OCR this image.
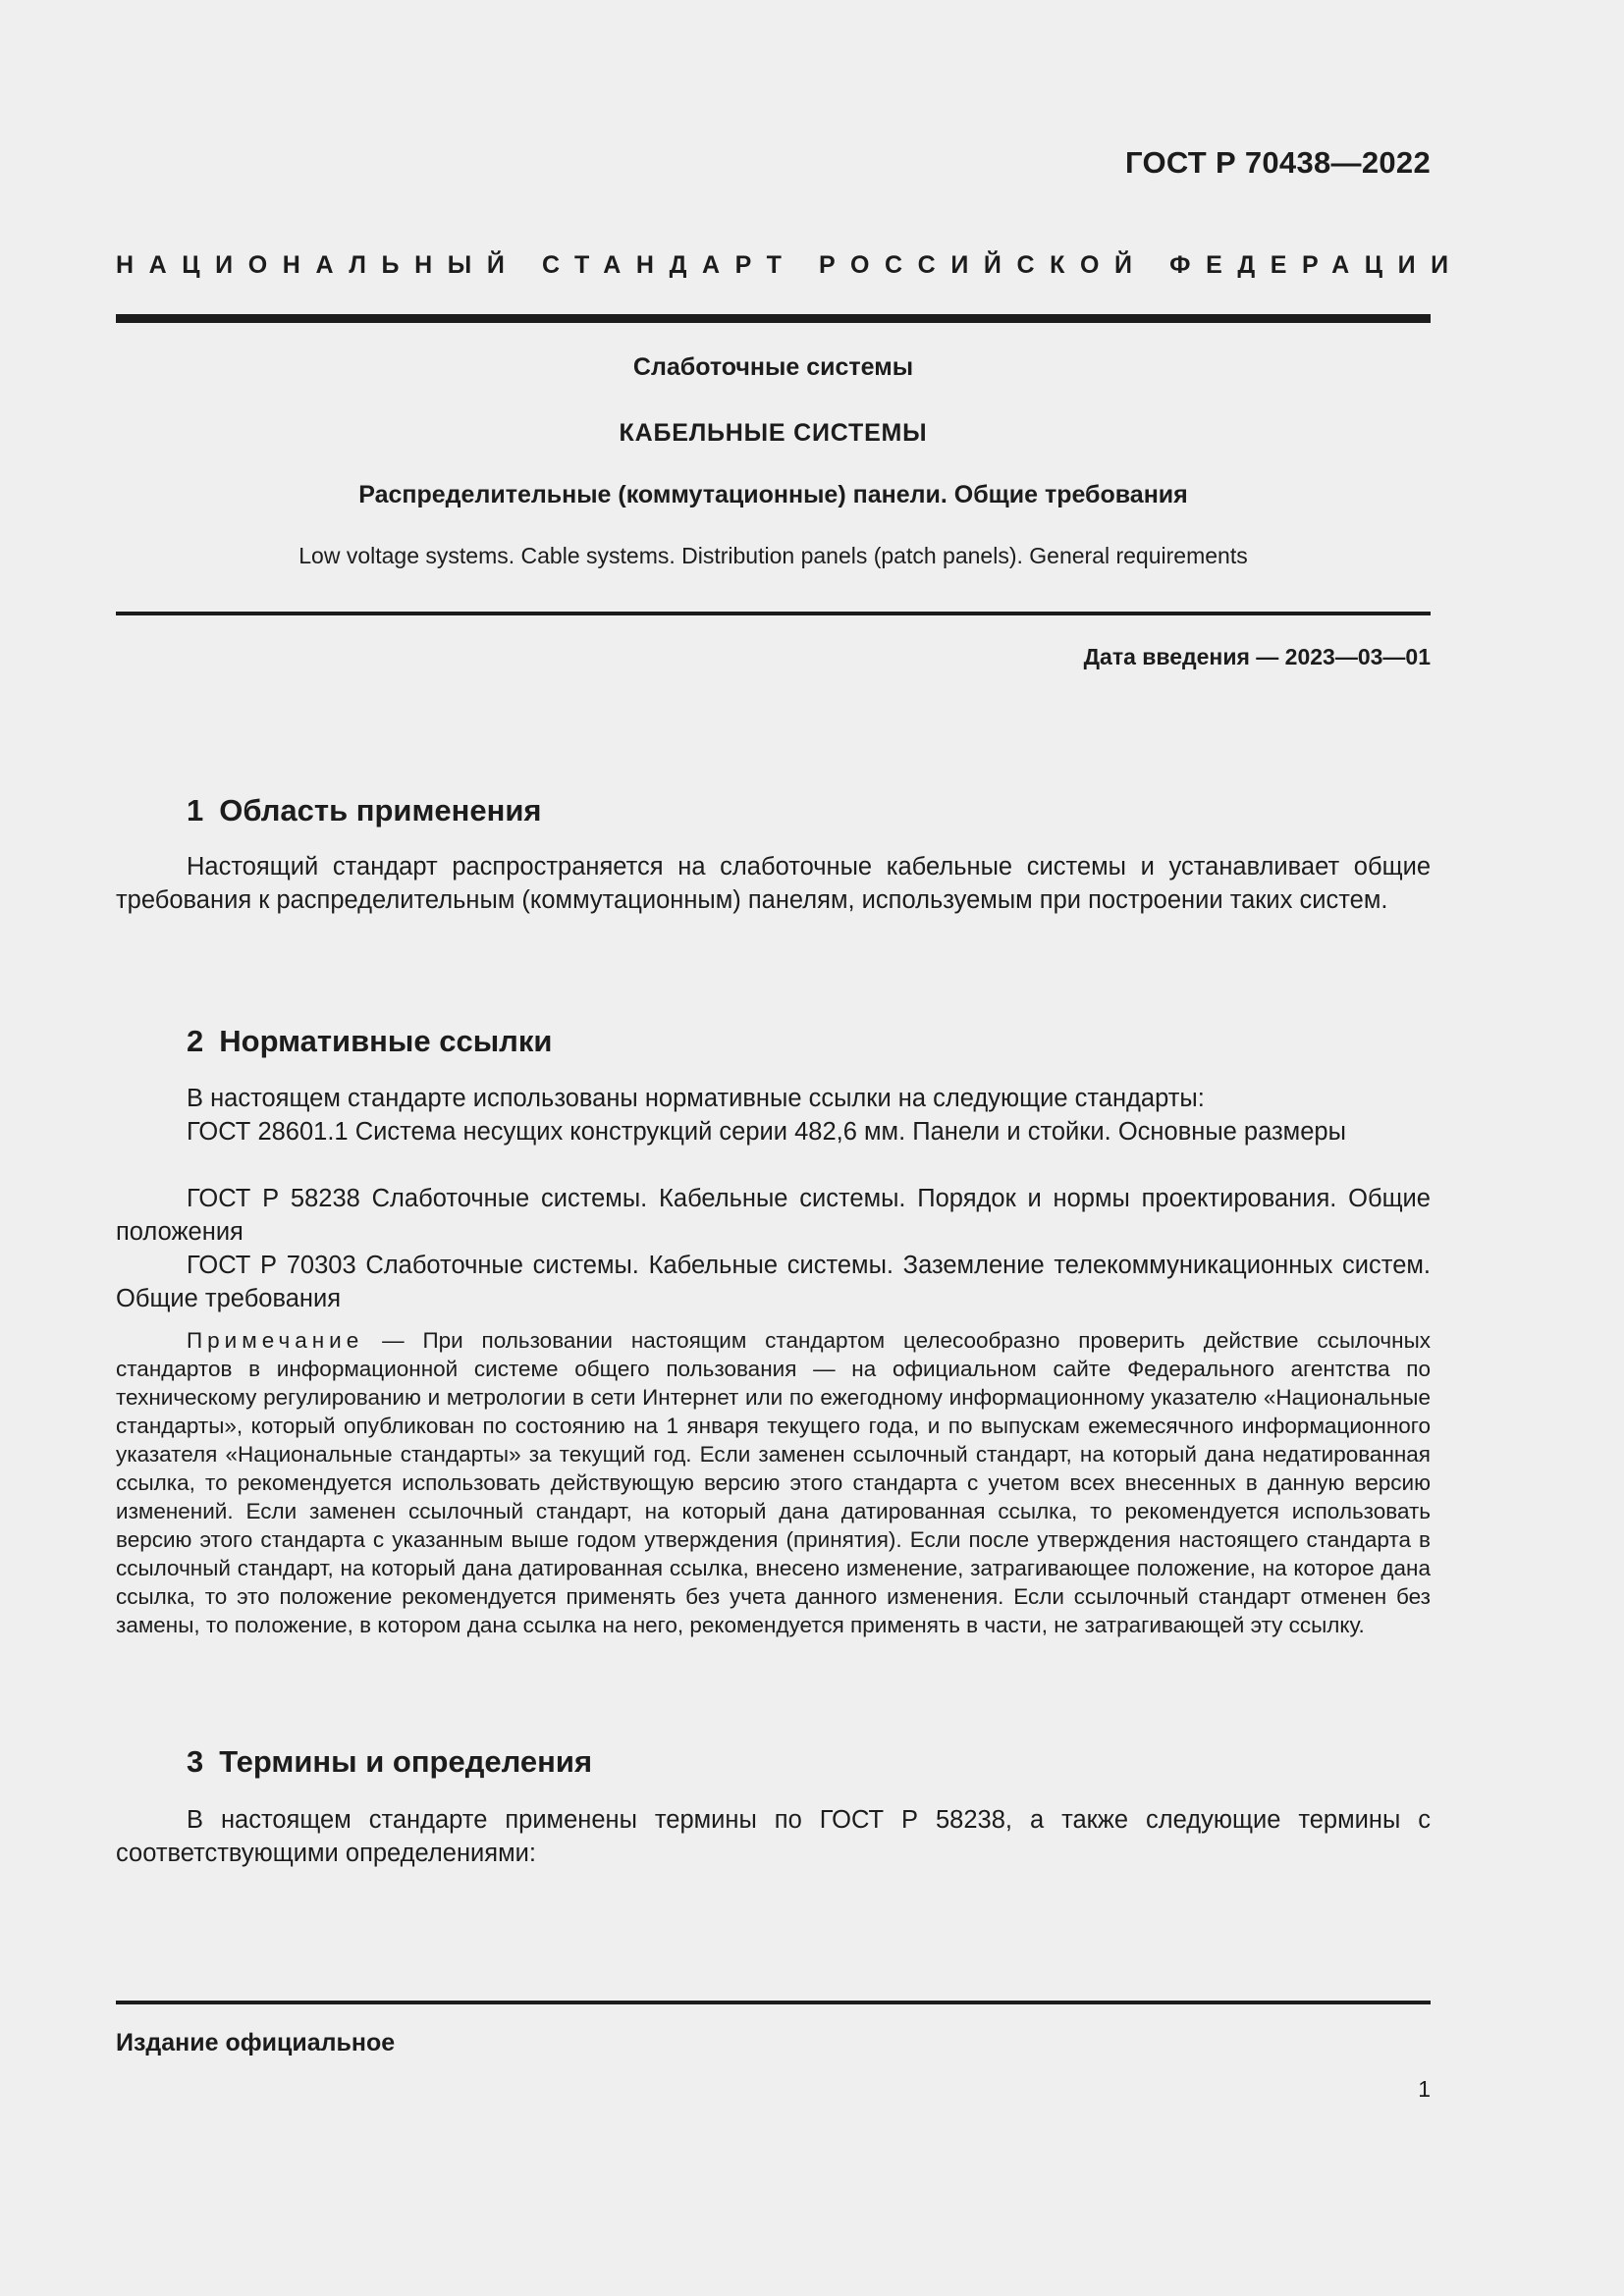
ГОСТ Р 70438—2022
НАЦИОНАЛЬНЫЙ СТАНДАРТ РОССИЙСКОЙ ФЕДЕРАЦИИ
Слаботочные системы
КАБЕЛЬНЫЕ СИСТЕМЫ
Распределительные (коммутационные) панели. Общие требования
Low voltage systems. Cable systems. Distribution panels (patch panels). General requirements
Дата введения — 2023—03—01
1 Область применения
Настоящий стандарт распространяется на слаботочные кабельные системы и устанавливает общие требования к распределительным (коммутационным) панелям, используемым при построении таких систем.
2 Нормативные ссылки
В настоящем стандарте использованы нормативные ссылки на следующие стандарты:
ГОСТ 28601.1 Система несущих конструкций серии 482,6 мм. Панели и стойки. Основные размеры
ГОСТ Р 58238 Слаботочные системы. Кабельные системы. Порядок и нормы проектирования. Общие положения
ГОСТ Р 70303 Слаботочные системы. Кабельные системы. Заземление телекоммуникационных систем. Общие требования
Примечание — При пользовании настоящим стандартом целесообразно проверить действие ссылочных стандартов в информационной системе общего пользования — на официальном сайте Федерального агентства по техническому регулированию и метрологии в сети Интернет или по ежегодному информационному указателю «Национальные стандарты», который опубликован по состоянию на 1 января текущего года, и по выпускам ежемесячного информационного указателя «Национальные стандарты» за текущий год. Если заменен ссылочный стандарт, на который дана недатированная ссылка, то рекомендуется использовать действующую версию этого стандарта с учетом всех внесенных в данную версию изменений. Если заменен ссылочный стандарт, на который дана датированная ссылка, то рекомендуется использовать версию этого стандарта с указанным выше годом утверждения (принятия). Если после утверждения настоящего стандарта в ссылочный стандарт, на который дана датированная ссылка, внесено изменение, затрагивающее положение, на которое дана ссылка, то это положение рекомендуется применять без учета данного изменения. Если ссылочный стандарт отменен без замены, то положение, в котором дана ссылка на него, рекомендуется применять в части, не затрагивающей эту ссылку.
3 Термины и определения
В настоящем стандарте применены термины по ГОСТ Р 58238, а также следующие термины с соответствующими определениями:
Издание официальное
1
